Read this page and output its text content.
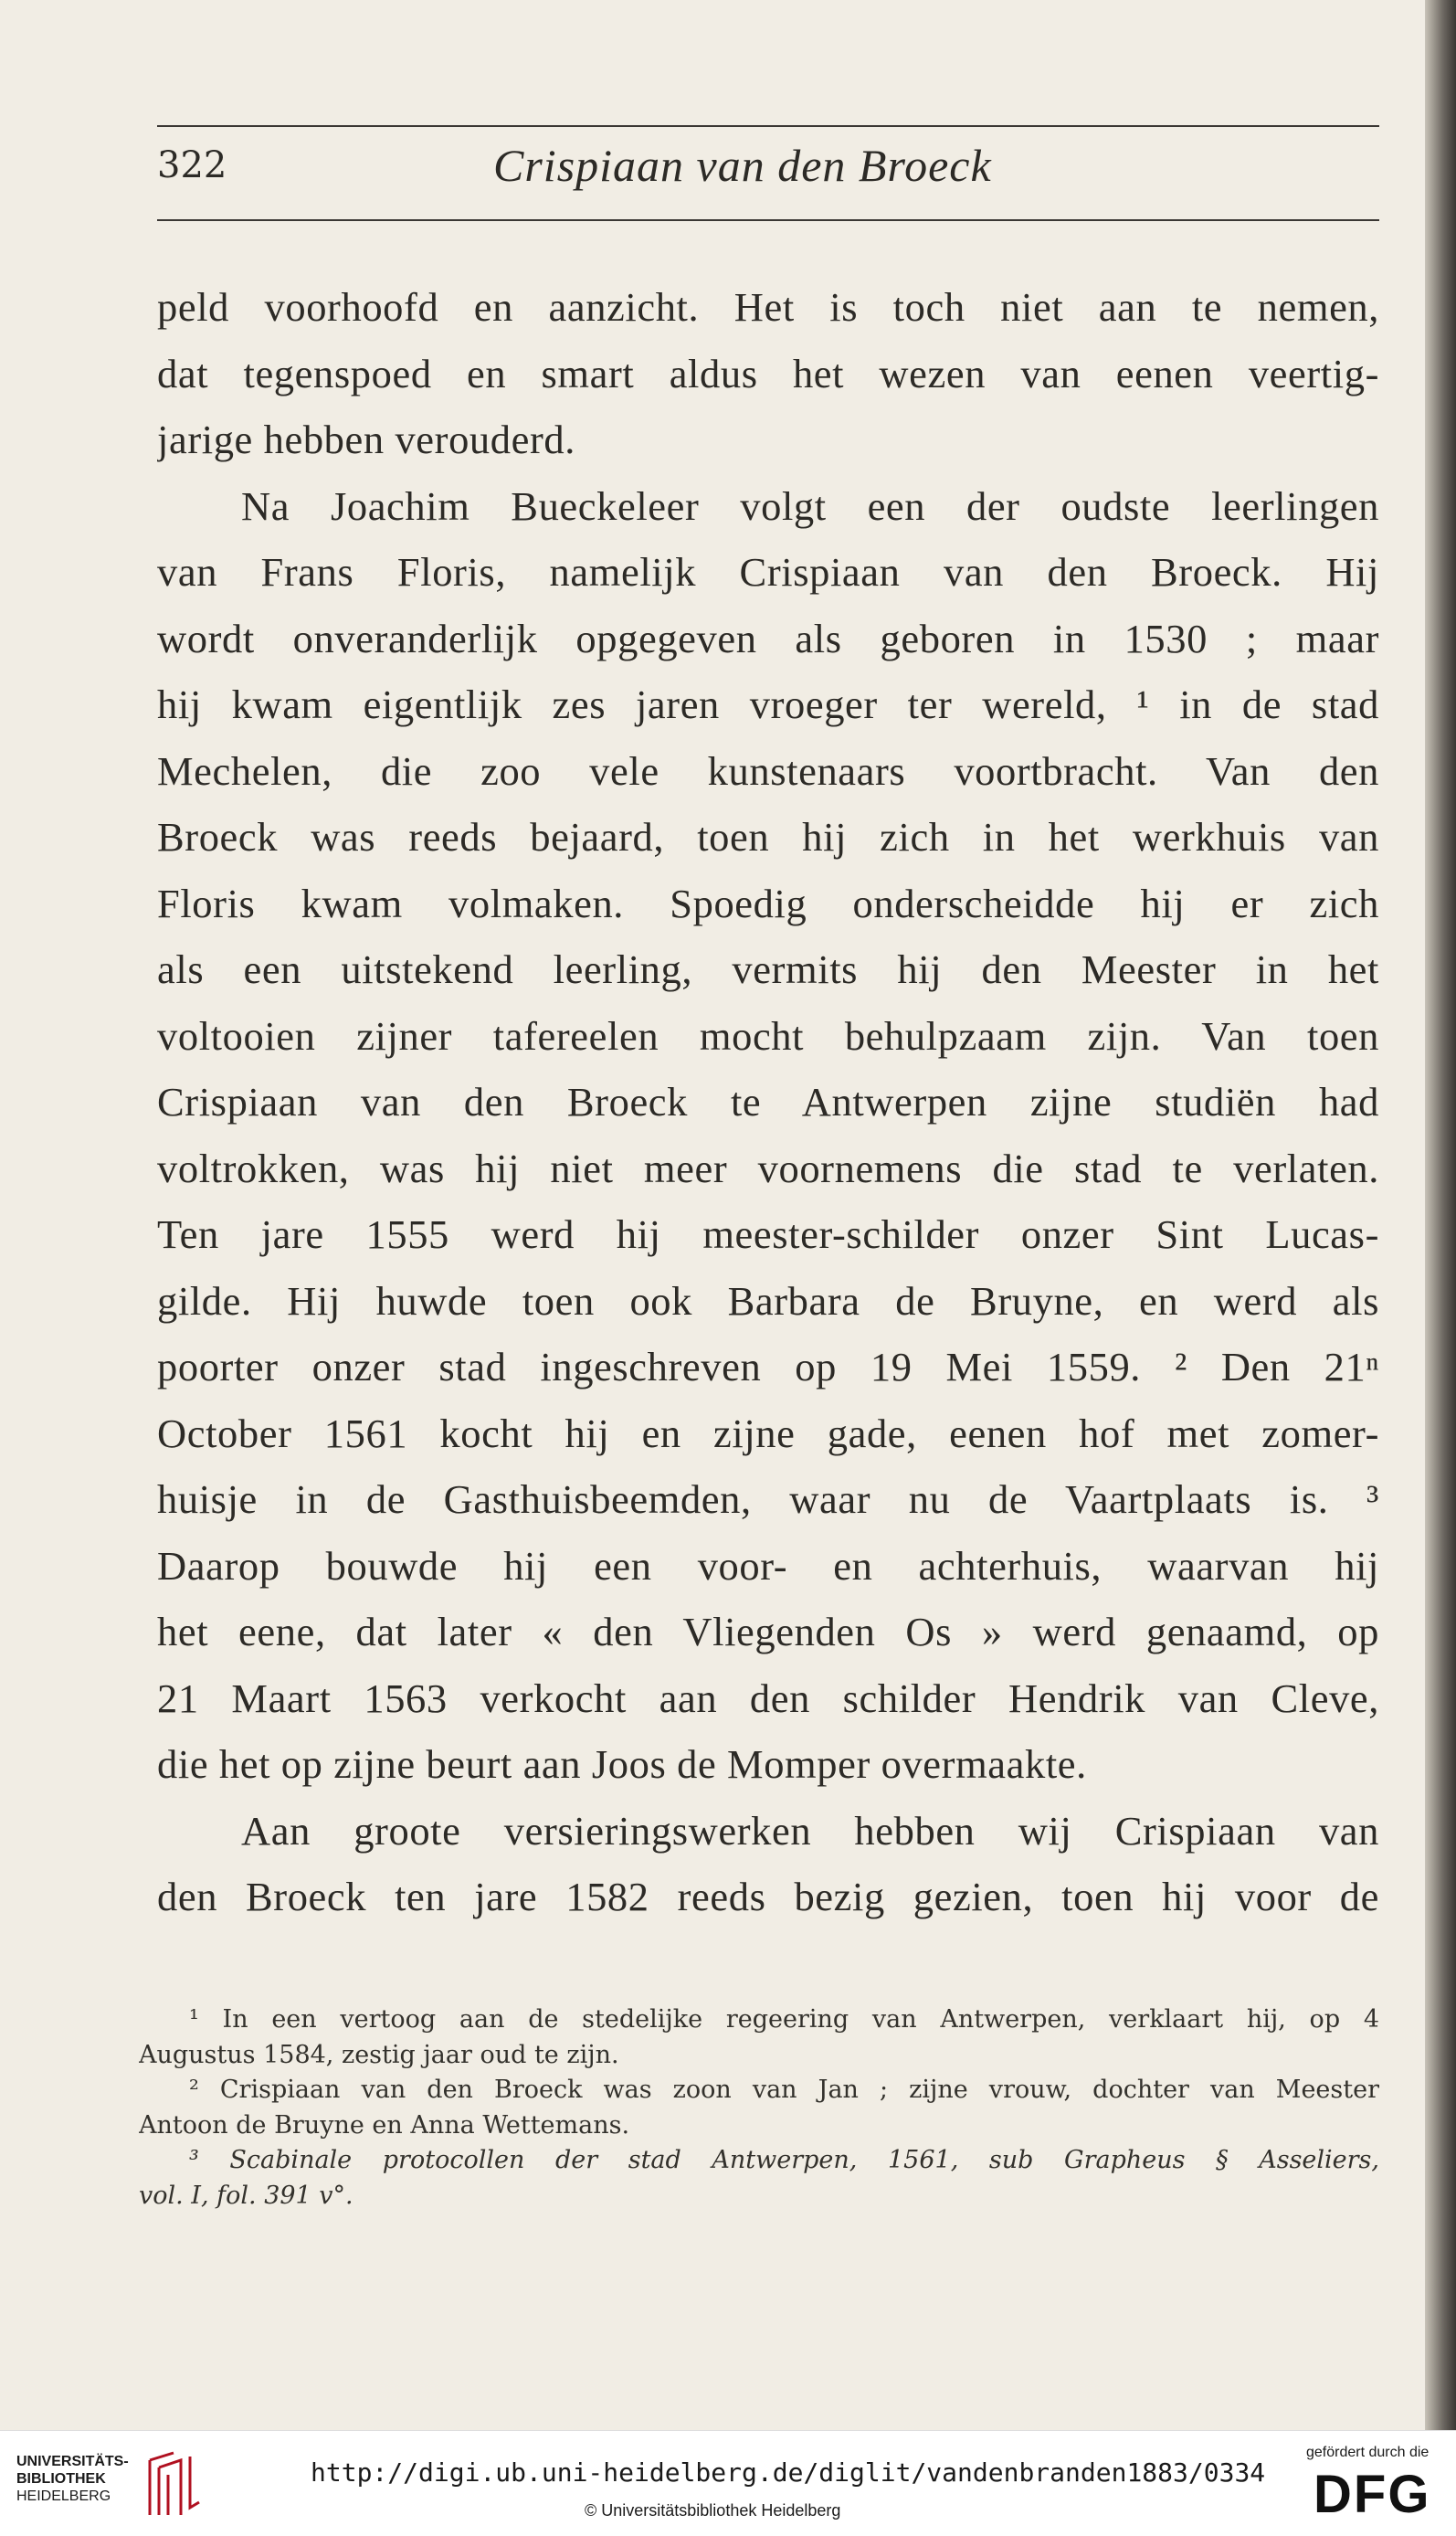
322	Crispiaan van den Broeck
peld voorhoofd en aanzicht. Het is toch niet aan te nemen,
dat tegenspoed en smart aldus het wezen van eenen veertig-
jarige hebben verouderd.
Na Joachim Bueckeleer volgt een der oudste leerlingen
van Frans Floris, namelijk Crispiaan van den Broeck. Hij
wordt onveranderlijk opgegeven als geboren in 1530 ; maar
hij kwam eigentlijk zes jaren vroeger ter wereld, ¹ in de stad
Mechelen, die zoo vele kunstenaars voortbracht. Van den
Broeck was reeds bejaard, toen hij zich in het werkhuis van
Floris kwam volmaken. Spoedig onderscheidde hij er zich
als een uitstekend leerling, vermits hij den Meester in het
voltooien zijner tafereelen mocht behulpzaam zijn. Van toen
Crispiaan van den Broeck te Antwerpen zijne studiën had
voltrokken, was hij niet meer voornemens die stad te verlaten.
Ten jare 1555 werd hij meester-schilder onzer Sint Lucas-
gilde. Hij huwde toen ook Barbara de Bruyne, en werd als
poorter onzer stad ingeschreven op 19 Mei 1559. ² Den 21ⁿ
October 1561 kocht hij en zijne gade, eenen hof met zomer-
huisje in de Gasthuisbeemden, waar nu de Vaartplaats is. ³
Daarop bouwde hij een voor- en achterhuis, waarvan hij
het eene, dat later « den Vliegenden Os » werd genaamd, op
21 Maart 1563 verkocht aan den schilder Hendrik van Cleve,
die het op zijne beurt aan Joos de Momper overmaakte.
Aan groote versieringswerken hebben wij Crispiaan van
den Broeck ten jare 1582 reeds bezig gezien, toen hij voor de
¹ In een vertoog aan de stedelijke regeering van Antwerpen, verklaart hij, op 4
Augustus 1584, zestig jaar oud te zijn.
² Crispiaan van den Broeck was zoon van Jan ; zijne vrouw, dochter van Meester
Antoon de Bruyne en Anna Wettemans.
³ Scabinale protocollen der stad Antwerpen, 1561, sub Grapheus § Asseliers,
vol. I, fol. 391 v°.
UNIVERSITÄTS-
BIBLIOTHEK
HEIDELBERG
http://digi.ub.uni-heidelberg.de/diglit/vandenbranden1883/0334
© Universitätsbibliothek Heidelberg
gefördert durch die
DFG
